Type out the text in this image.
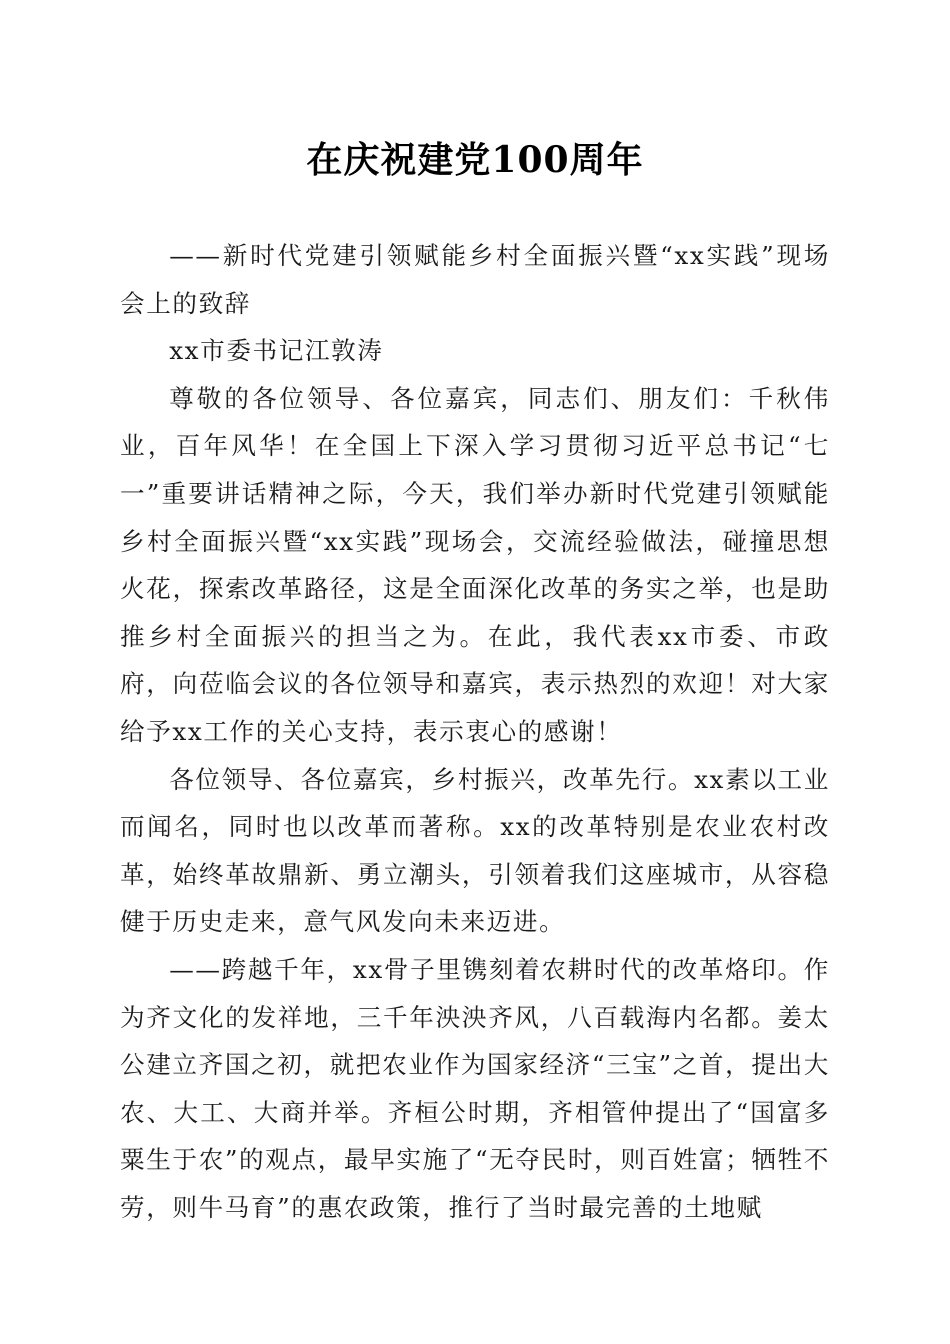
在庆祝建党100周年

——新时代党建引领赋能乡村全面振兴暨“xx实践”现场会上的致辞

xx市委书记江敦涛

尊敬的各位领导、各位嘉宾，同志们、朋友们：千秋伟业，百年风华！在全国上下深入学习贯彻习近平总书记“七一”重要讲话精神之际，今天，我们举办新时代党建引领赋能乡村全面振兴暨“xx实践”现场会，交流经验做法，碰撞思想火花，探索改革路径，这是全面深化改革的务实之举，也是助推乡村全面振兴的担当之为。在此，我代表xx市委、市政府，向莅临会议的各位领导和嘉宾，表示热烈的欢迎！对大家给予xx工作的关心支持，表示衷心的感谢！

各位领导、各位嘉宾，乡村振兴，改革先行。xx素以工业而闻名，同时也以改革而著称。xx的改革特别是农业农村改革，始终革故鼎新、勇立潮头，引领着我们这座城市，从容稳健于历史走来，意气风发向未来迈进。

——跨越千年，xx骨子里镌刻着农耕时代的改革烙印。作为齐文化的发祥地，三千年泱泱齐风，八百载海内名都。姜太公建立齐国之初，就把农业作为国家经济“三宝”之首，提出大农、大工、大商并举。齐桓公时期，齐相管仲提出了“国富多粟生于农”的观点，最早实施了“无夺民时，则百姓富；牺牲不劳，则牛马育”的惠农政策，推行了当时最完善的土地赋
